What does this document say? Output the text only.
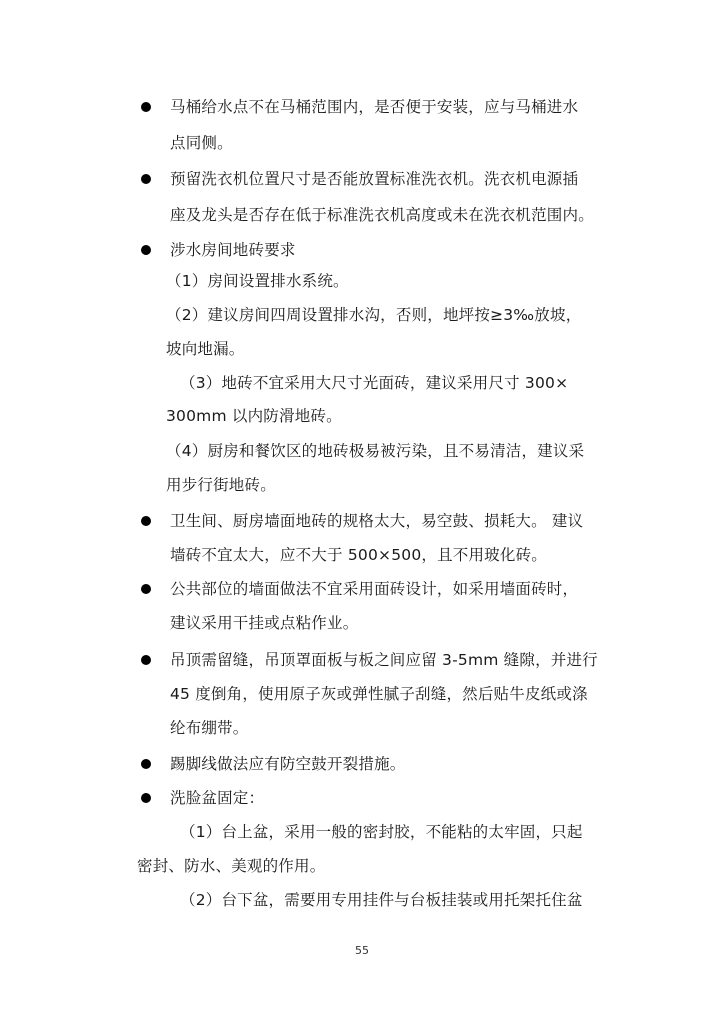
马桶给水点不在马桶范围内，是否便于安装，应与马桶进水
点同侧。
预留洗衣机位置尺寸是否能放置标准洗衣机。洗衣机电源插
座及龙头是否存在低于标准洗衣机高度或未在洗衣机范围内。
涉水房间地砖要求
（1）房间设置排水系统。
（2）建议房间四周设置排水沟，否则，地坪按≥3‰放坡，
坡向地漏。
（3）地砖不宜采用大尺寸光面砖，建议采用尺寸 300×
300mm 以内防滑地砖。
（4）厨房和餐饮区的地砖极易被污染，且不易清洁，建议采
用步行街地砖。
卫生间、厨房墙面地砖的规格太大，易空鼓、损耗大。 建议
墙砖不宜太大，应不大于 500×500，且不用玻化砖。
公共部位的墙面做法不宜采用面砖设计，如采用墙面砖时，
建议采用干挂或点粘作业。
吊顶需留缝，吊顶罩面板与板之间应留 3-5mm 缝隙，并进行
45 度倒角，使用原子灰或弹性腻子刮缝，然后贴牛皮纸或涤
纶布绷带。
踢脚线做法应有防空鼓开裂措施。
洗脸盆固定：
（1）台上盆，采用一般的密封胶，不能粘的太牢固，只起
密封、防水、美观的作用。
（2）台下盆，需要用专用挂件与台板挂装或用托架托住盆
55
